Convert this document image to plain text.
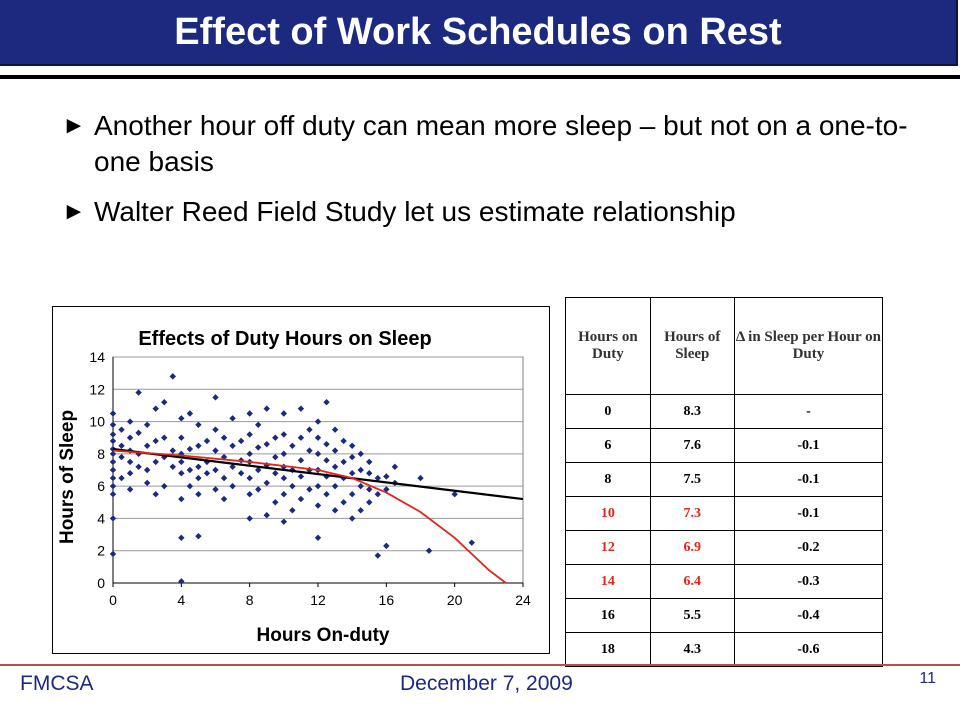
Effect of Work Schedules on Rest
► Another hour off duty can mean more sleep – but not on a one-to-one basis
► Walter Reed Field Study let us estimate relationship
Effects of Duty Hours on Sleep
Hours On-duty
Hours of Sleep
0
2
4
6
8
10
12
14
0	4	8	12	16	20	24
Hours on Duty	Hours of Sleep	Δ in Sleep per Hour on Duty
0	8.3	-
6	7.6	-0.1
8	7.5	-0.1
10	7.3	-0.1
12	6.9	-0.2
14	6.4	-0.3
16	5.5	-0.4
18	4.3	-0.6
FMCSA	December 7, 2009	11
